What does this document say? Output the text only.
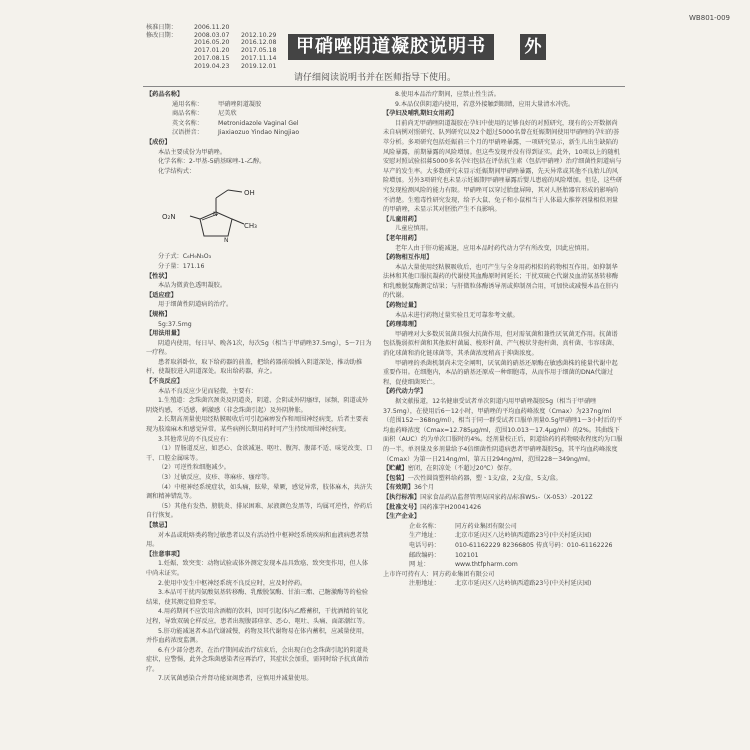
核准日期：	2006.11.20
修改日期：	2008.03.07	2012.10.29
2016.05.20	2016.12.08
2017.01.20	2017.05.18
2017.08.15	2017.11.14
2019.04.23	2019.12.01
WB801-009
甲硝唑阴道凝胶说明书	外
请仔细阅读说明书并在医师指导下使用。
【药品名称】
通用名称：	甲硝唑阴道凝胶
商品名称：	尼美欣
英文名称：	Metronidazole Vaginal Gel
汉语拼音：	Jiaxiaozuo Yindao Ningjiao
【成份】
本品主要成份为甲硝唑。
化学名称：2-甲基-5硝基咪唑-1-乙醇。
化学结构式：
OH
O₂N
CH₃
N
N
分子式：C₆H₉N₃O₃
分子量：171.16
【性状】
本品为微黄色透明凝胶。
【适应症】
用于细菌性阴道病的治疗。
【规格】
5g:37.5mg
【用法用量】
阴道内使用，每日早、晚各1次，每次5g（相当于甲硝唑37.5mg），5～7日为一疗程。
患者取斜卧位，取下给药器的前盖，把给药器前端插入阴道深处，推动助推杆，使凝胶进入阴道深处。取出给药器，弃之。
【不良反应】
本品不良反应少见而轻微，主要有：
1.生殖道：念珠菌宫颈炎及阴道炎，阴道、会阴或外阴瘙痒，尿频，阴道或外阴烧灼感，不适感，刺激感（非念珠菌引起）及外阴肿胀。
2.长期高剂量使用经粘膜吸收后可引起麻痹发作和周围神经病变，后者主要表现为肢端麻木和感觉异常。某些病例长期用药时可产生持续周围神经病变。
3.其他常见的不良反应有：
（1）胃肠道反应，如恶心、食欲减退、呕吐、腹泻、腹部不适、味觉改变、口干、口腔金属味等。
（2）可逆性粒细胞减少。
（3）过敏反应，皮疹、荨麻疹、瘙痒等。
（4）中枢神经系统症状，如头痛，眩晕，晕厥，感觉异常，肢体麻木，共济失调和精神错乱等。
（5）其他有发热、膀胱炎、排尿困难、尿液颜色发黑等，均属可逆性，停药后自行恢复。
【禁忌】
对本品或吡咯类药物过敏患者以及有活动性中枢神经系统疾病和血液病患者禁用。
【注意事项】
1.妊娠、致突变：动物试验或体外测定发现本品具致癌、致突变作用，但人体中尚未证实。
2.使用中发生中枢神经系统不良反应时，应及时停药。
3.本品可干扰丙氨酸氨基转移酶、乳酸脱氢酶、甘油三酯、己糖激酶等的检验结果，使其测定值降至零。
4.用药期间不应饮用含酒精的饮料，因可引起体内乙醛蓄积，干扰酒精的氧化过程，导致双硫仑样反应，患者出现腹部痉挛、恶心、呕吐、头痛、面部潮红等。
5.肝功能减退者本品代谢减慢，药物及其代谢物易在体内蓄积，应减量使用，并作血药浓度监测。
6.有少部分患者，在治疗期间或治疗结束后，会出现白色念珠菌引起的阴道炎症状，应警惕，此外念珠菌感染者应再治疗，其症状会加重，需同时给予抗真菌治疗。
7.厌氧菌感染合并肾功能衰竭患者，应慎用并减量使用。
8.使用本品治疗期间，应禁止性生活。
9.本品仅供阴道内使用，若意外接触到眼睛，应用大量清水冲洗。
【孕妇及哺乳期妇女用药】
目前尚无甲硝唑阴道凝胶在孕妇中使用的足够良好的对照研究，现有的公开数据尚未自病例对照研究、队列研究以及2个超过5000名曾在妊娠期间使用甲硝唑的孕妇的荟萃分析。多项研究包括妊娠前三个月的甲硝唑暴露，一项研究显示，新生儿出生缺陷的风险暴露，前期暴露的风险增加。但这些发现并没有得到证实。此外，10项以上的随机安慰对照试验招募5000多名孕妇包括在评估抗生素（包括甲硝唑）治疗细菌性阴道病与早产的发生率。大多数研究未显示妊娠期间甲硝唑暴露，先天异常或其他不良胎儿的风险增加。另外3项研究也未显示妊娠期甲硝唑暴露后婴儿患癌的风险增加。但是，这些研究发现检测风险的能力有限。甲硝唑可以穿过胎盘屏障，其对人胚胎器官形成的影响尚不清楚。生殖毒性研究发现，给予大鼠、兔子和小鼠相当于人体最大推荐剂量相似剂量的甲硝唑，未显示其对胚胎产生不良影响。
【儿童用药】
儿童应慎用。
【老年用药】
老年人由于肝功能减退，应用本品时药代动力学有所改变，因此应慎用。
【药物相互作用】
本品大量使用经粘膜吸收后，也可产生与全身用药相似的药物相互作用。如抑制华法林和其他口服抗凝药的代谢使其血酶原时间延长；干扰双硫仑代谢及血清氨基转移酶和乳酸脱氢酶测定结果；与肝微粒体酶诱导剂或抑制剂合用，可加快或减慢本品在肝内的代谢。
【药物过量】
本品未进行药物过量实验且无可靠参考文献。
【药理毒理】
甲硝唑对大多数厌氧菌具强大抗菌作用，但对需氧菌和兼性厌氧菌无作用。抗菌谱包括脆弱拟杆菌和其他拟杆菌属、梭形杆菌、产气梭状芽孢杆菌、真杆菌、韦容球菌、消化球菌和消化链球菌等，其杀菌浓度稍高于抑菌浓度。
甲硝唑的杀菌机制尚未完全阐明，厌氧菌的硝基还原酶在敏感菌株的能量代谢中起重要作用。在细胞内，本品的硝基还原成一种细胞毒，从而作用于细菌的DNA代谢过程，促使细菌死亡。
【药代动力学】
据文献报道，12名健康受试者单次阴道内用甲硝唑凝胶5g（相当于甲硝唑37.5mg），在使用后6～12小时，甲硝唑的平均血药峰浓度（Cmax）为237ng/ml（范围152～368ng/ml），相当于同一群受试者口服单剂量0.5g甲硝唑1～3小时后的平均血药峰浓度（Cmax=12.785μg/ml，范围10.013～17.4μg/ml）的2%。其曲线下面积（AUC）约为单次口服时的4%。经剂量校正后，阴道给药的药物吸收程度约为口服的一半。单剂量及多剂量给予4倍细菌性阴道病患者甲硝唑凝胶5g，其平均血药峰浓度（Cmax）为第一日214ng/ml，第五日294ng/ml，范围228～349ng/ml。
【贮藏】密闭，在阴凉处（不超过20℃）保存。
【包装】一次性圆筒塑料给药器，塑ㆍ1支/盒，2支/盒，5支/盒。
【有效期】36个月
【执行标准】国家食品药品监督管理局国家药品标准WS₁-（X-053）-2012Z
【批准文号】国药准字H20041426
【生产企业】
企业名称：	同方药业集团有限公司
生产地址：	北京市延庆区八达岭镇西道路23号(中关村延庆园)
电话号码：	010-61162229 82366805 传真号码：010-61162226
邮政编码：	102101
网 址：	www.thtfpharm.com
上市许可持有人：同方药业集团有限公司
注册地址：	北京市延庆区八达岭镇西道路23号(中关村延庆园)
